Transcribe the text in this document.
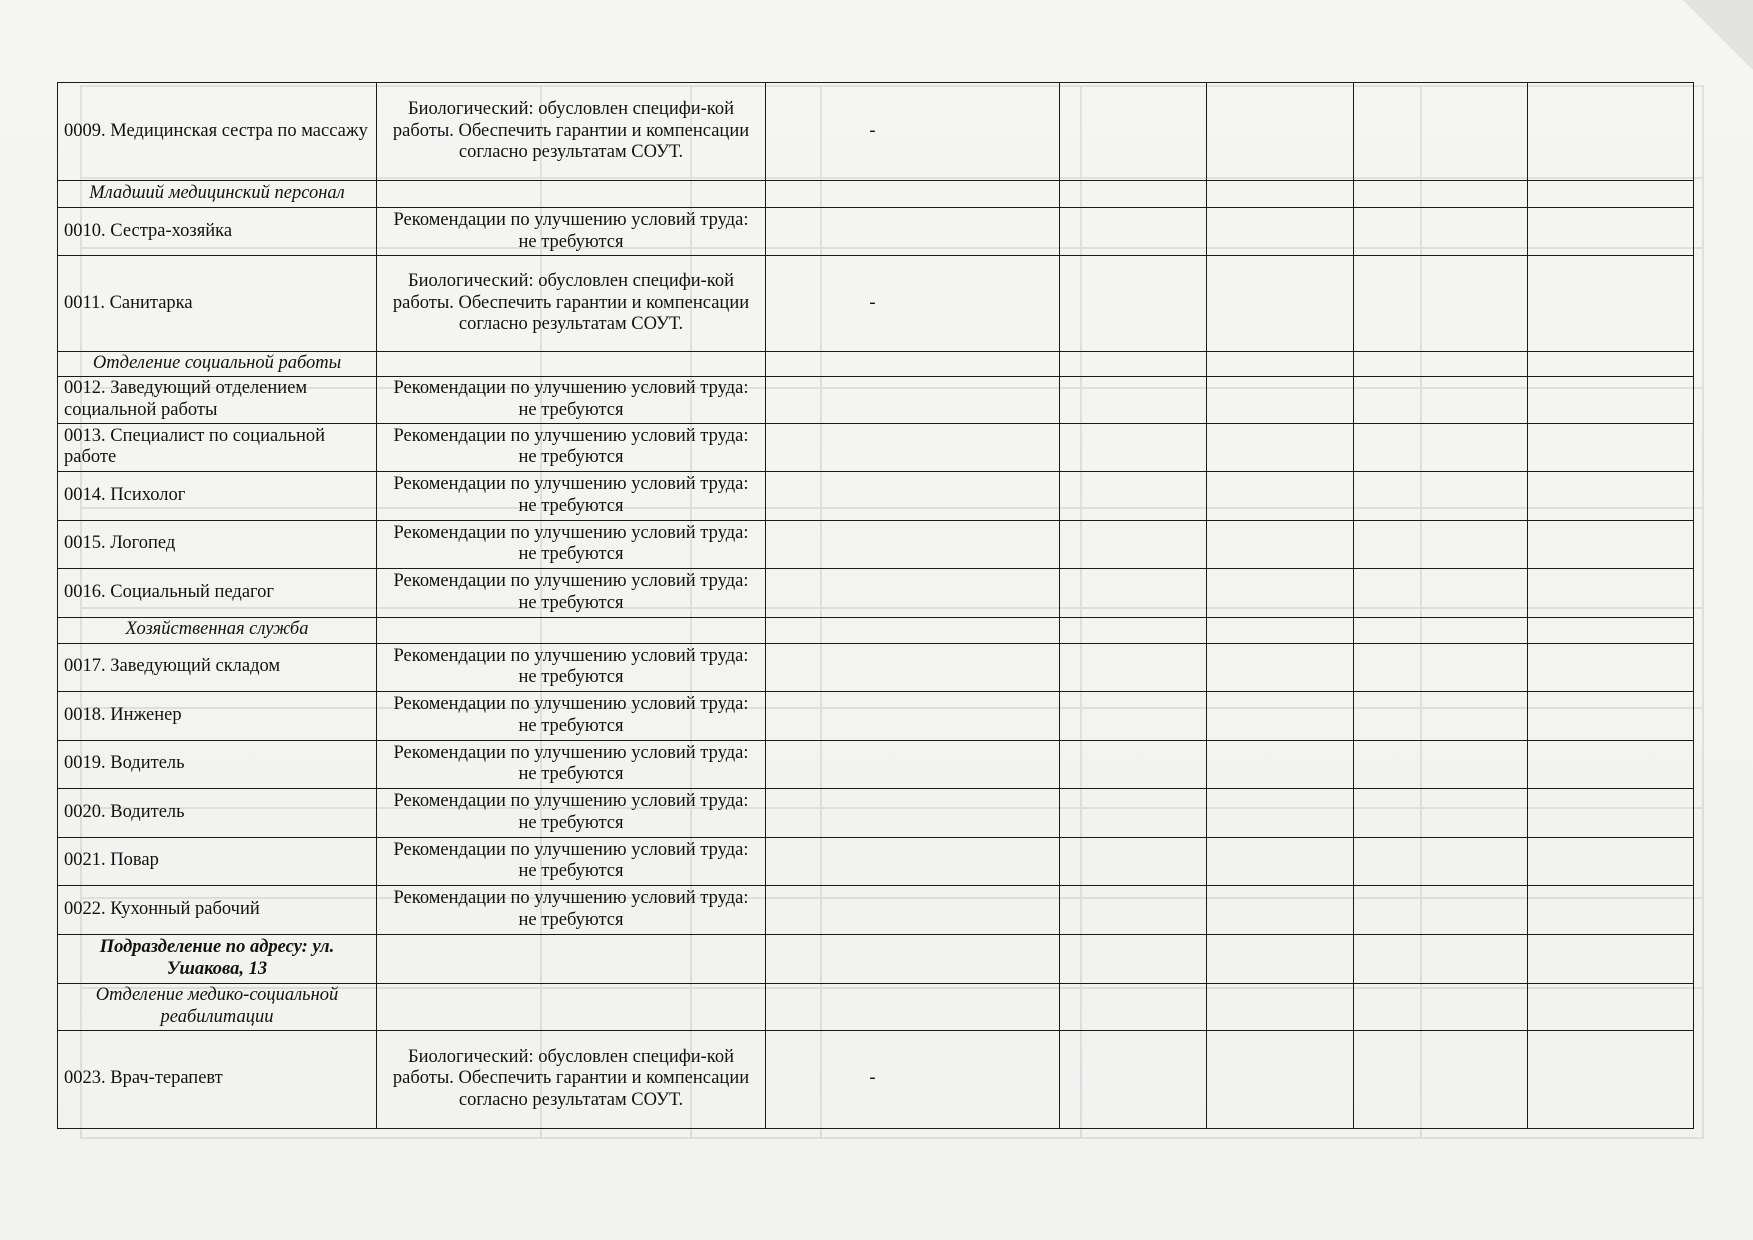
0009. Медицинская сестра по массажу	Биологический: обусловлен специфи-кой работы. Обеспечить гарантии и компенсации согласно результатам СОУТ.	-				
Младший медицинский персонал						
0010. Сестра-хозяйка	Рекомендации по улучшению условий труда: не требуются					
0011. Санитарка	Биологический: обусловлен специфи-кой работы. Обеспечить гарантии и компенсации согласно результатам СОУТ.	-				
Отделение социальной работы						
0012. Заведующий отделением социальной работы	Рекомендации по улучшению условий труда: не требуются					
0013. Специалист по социальной работе	Рекомендации по улучшению условий труда: не требуются					
0014. Психолог	Рекомендации по улучшению условий труда: не требуются					
0015. Логопед	Рекомендации по улучшению условий труда: не требуются					
0016. Социальный педагог	Рекомендации по улучшению условий труда: не требуются					
Хозяйственная служба						
0017. Заведующий складом	Рекомендации по улучшению условий труда: не требуются					
0018. Инженер	Рекомендации по улучшению условий труда: не требуются					
0019. Водитель	Рекомендации по улучшению условий труда: не требуются					
0020. Водитель	Рекомендации по улучшению условий труда: не требуются					
0021. Повар	Рекомендации по улучшению условий труда: не требуются					
0022. Кухонный рабочий	Рекомендации по улучшению условий труда: не требуются					
Подразделение по адресу: ул. Ушакова, 13						
Отделение медико-социальной реабилитации						
0023. Врач-терапевт	Биологический: обусловлен специфи-кой работы. Обеспечить гарантии и компенсации согласно результатам СОУТ.	-				
